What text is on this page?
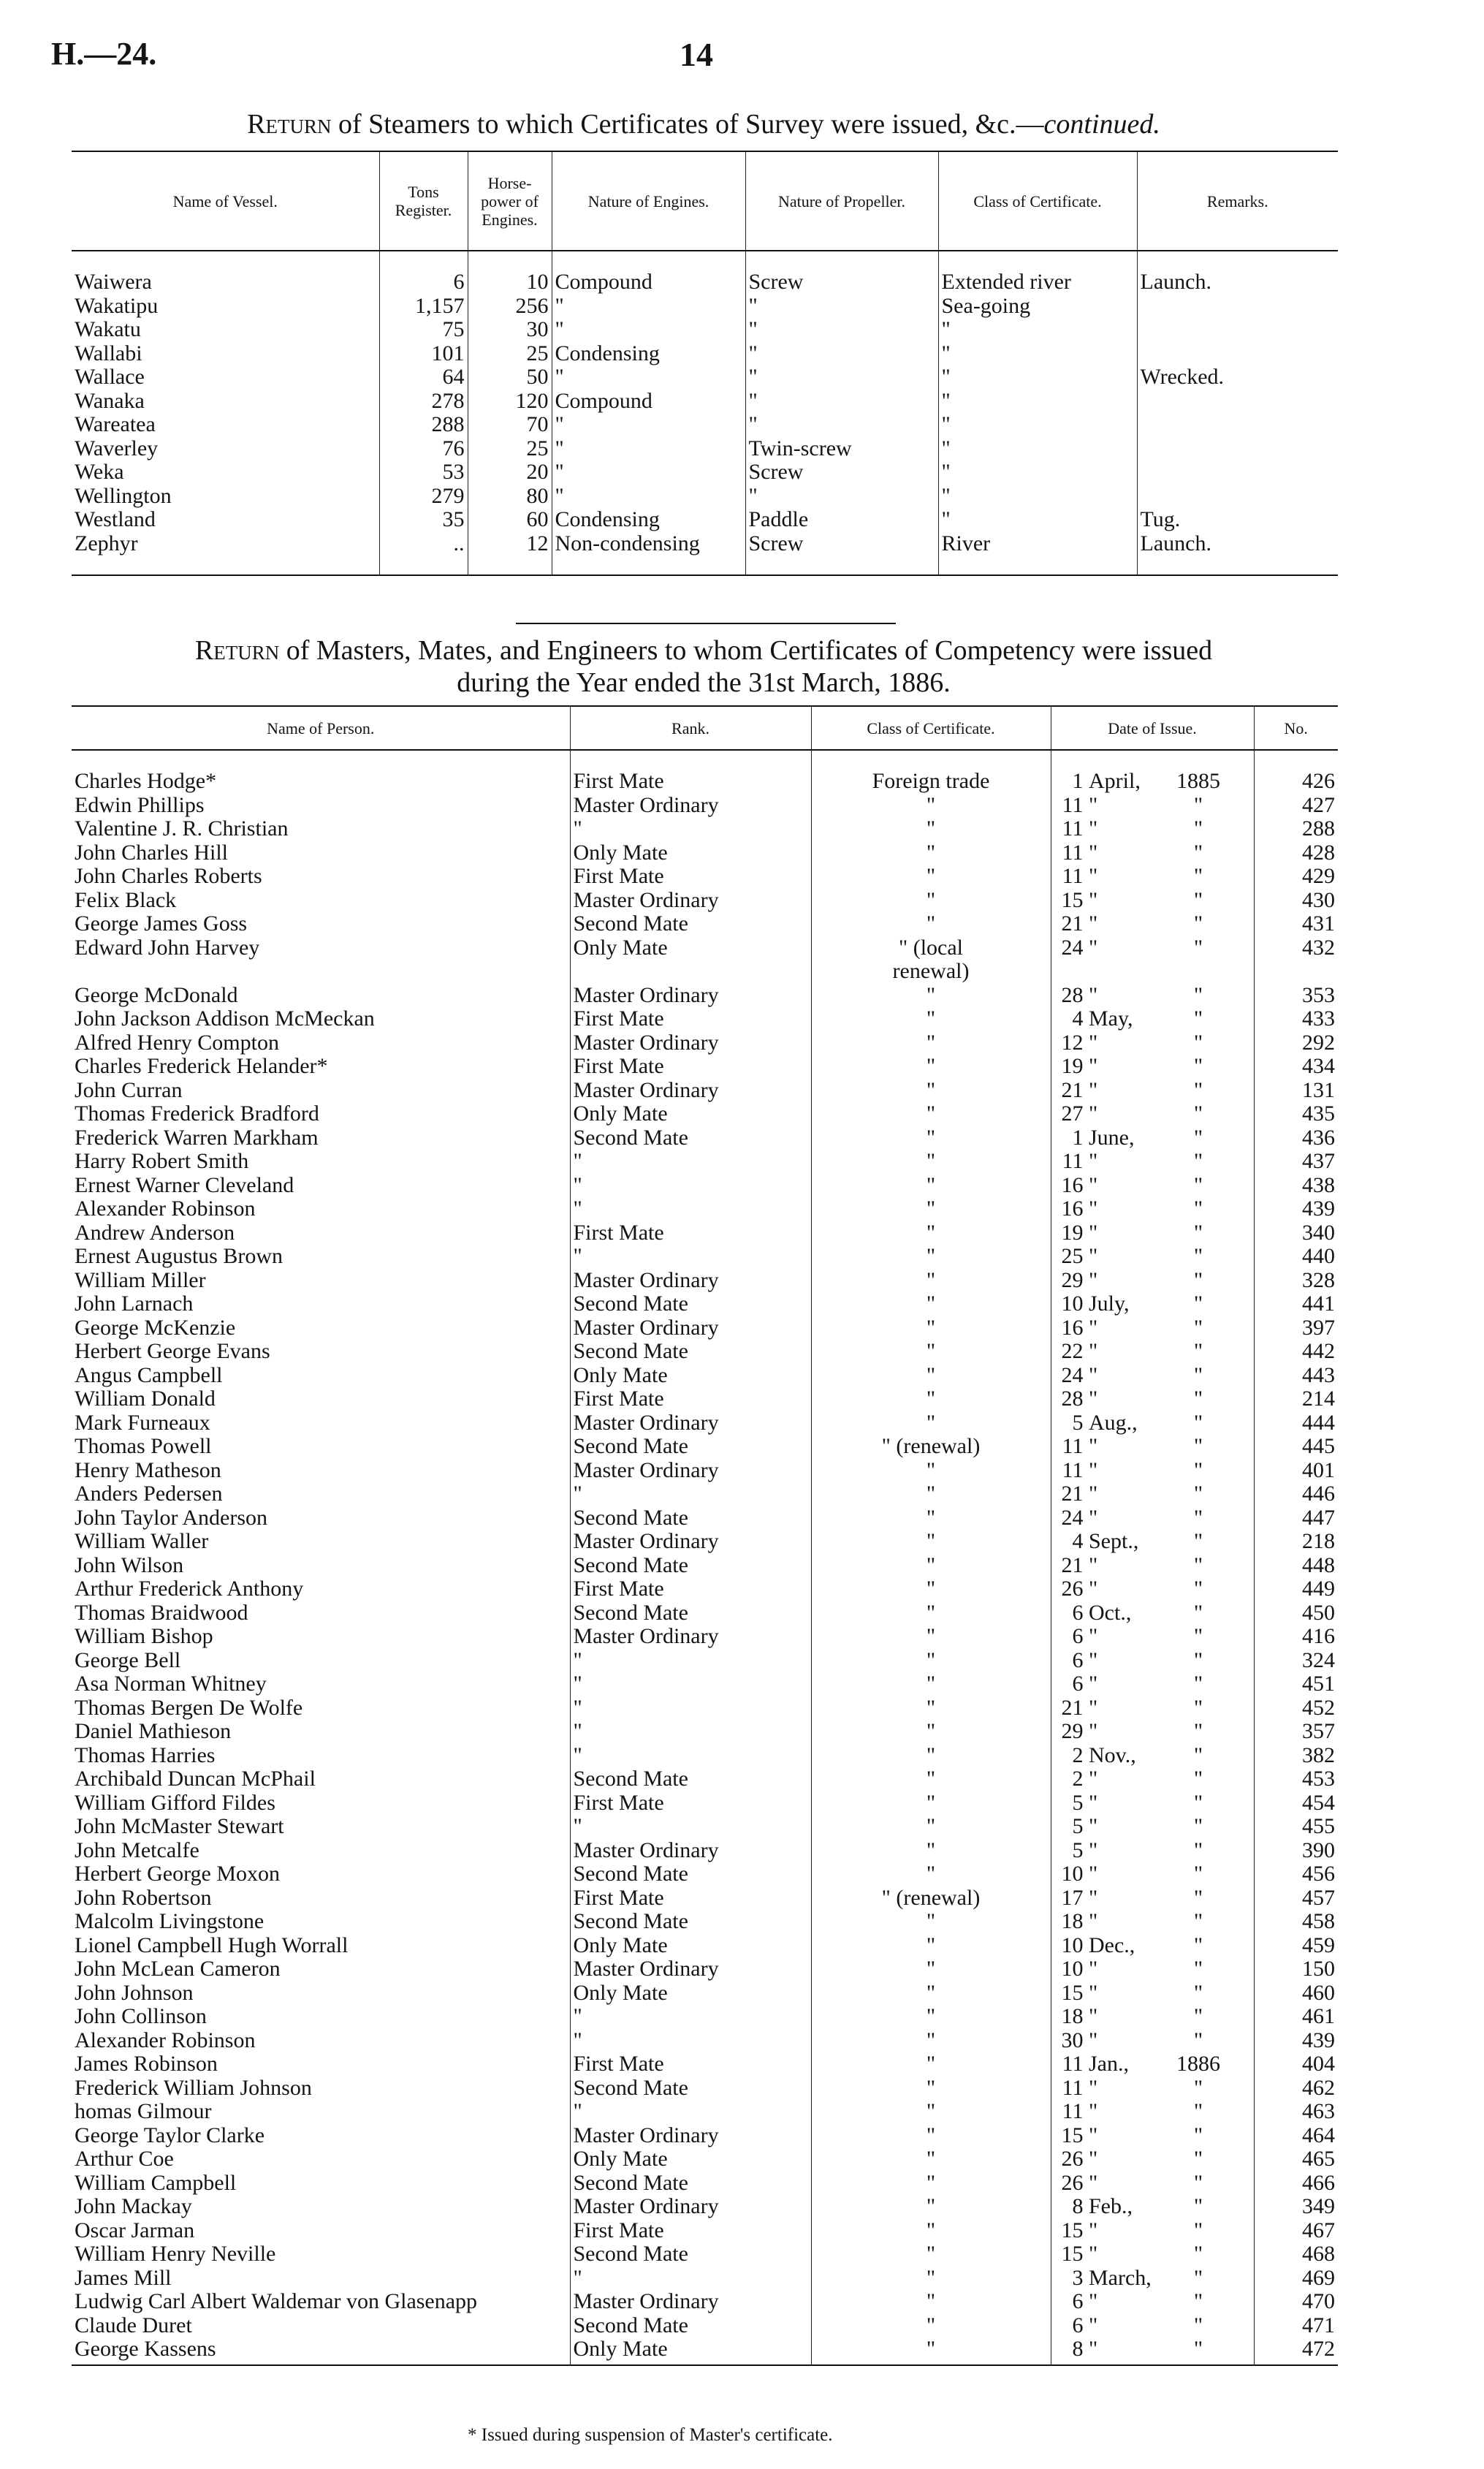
H.—24.	14
Return of Steamers to which Certificates of Survey were issued, &c.—continued.
Name of Vessel.	Tons Register.	Horse-power of Engines.	Nature of Engines.	Nature of Propeller.	Class of Certificate.	Remarks.

Waiwera	6	10	Compound	Screw	Extended river	Launch.
Wakatipu	1,157	256	"	"	Sea-going	
Wakatu	75	30	"	"	"	
Wallabi	101	25	Condensing	"	"	
Wallace	64	50	"	"	"	Wrecked.
Wanaka	278	120	Compound	"	"	
Wareatea	288	70	"	"	"	
Waverley	76	25	"	Twin-screw	"	
Weka	53	20	"	Screw	"	
Wellington	279	80	"	"	"	
Westland	35	60	Condensing	Paddle	"	Tug.
Zephyr	..	12	Non-condensing	Screw	River	Launch.

Return of Masters, Mates, and Engineers to whom Certificates of Competency were issued
during the Year ended the 31st March, 1886.
Name of Person.	Rank.	Class of Certificate.	Date of Issue.	No.

Charles Hodge*	First Mate	Foreign trade	1 April, 1885	426
Edwin Phillips	Master Ordinary	"	11 " "	427
Valentine J. R. Christian	"	"	11 " "	288
John Charles Hill	Only Mate	"	11 " "	428
John Charles Roberts	First Mate	"	11 " "	429
Felix Black	Master Ordinary	"	15 " "	430
George James Goss	Second Mate	"	21 " "	431
Edward John Harvey	Only Mate	" (local	24 " "	432
		renewal)		
George McDonald	Master Ordinary	"	28 " "	353
John Jackson Addison McMeckan	First Mate	"	4 May, "	433
Alfred Henry Compton	Master Ordinary	"	12 " "	292
Charles Frederick Helander*	First Mate	"	19 " "	434
John Curran	Master Ordinary	"	21 " "	131
Thomas Frederick Bradford	Only Mate	"	27 " "	435
Frederick Warren Markham	Second Mate	"	1 June, "	436
Harry Robert Smith	"	"	11 " "	437
Ernest Warner Cleveland	"	"	16 " "	438
Alexander Robinson	"	"	16 " "	439
Andrew Anderson	First Mate	"	19 " "	340
Ernest Augustus Brown	"	"	25 " "	440
William Miller	Master Ordinary	"	29 " "	328
John Larnach	Second Mate	"	10 July, "	441
George McKenzie	Master Ordinary	"	16 " "	397
Herbert George Evans	Second Mate	"	22 " "	442
Angus Campbell	Only Mate	"	24 " "	443
William Donald	First Mate	"	28 " "	214
Mark Furneaux	Master Ordinary	"	5 Aug., "	444
Thomas Powell	Second Mate	" (renewal)	11 " "	445
Henry Matheson	Master Ordinary	"	11 " "	401
Anders Pedersen	"	"	21 " "	446
John Taylor Anderson	Second Mate	"	24 " "	447
William Waller	Master Ordinary	"	4 Sept., "	218
John Wilson	Second Mate	"	21 " "	448
Arthur Frederick Anthony	First Mate	"	26 " "	449
Thomas Braidwood	Second Mate	"	6 Oct., "	450
William Bishop	Master Ordinary	"	6 " "	416
George Bell	"	"	6 " "	324
Asa Norman Whitney	"	"	6 " "	451
Thomas Bergen De Wolfe	"	"	21 " "	452
Daniel Mathieson	"	"	29 " "	357
Thomas Harries	"	"	2 Nov., "	382
Archibald Duncan McPhail	Second Mate	"	2 " "	453
William Gifford Fildes	First Mate	"	5 " "	454
John McMaster Stewart	"	"	5 " "	455
John Metcalfe	Master Ordinary	"	5 " "	390
Herbert George Moxon	Second Mate	"	10 " "	456
John Robertson	First Mate	" (renewal)	17 " "	457
Malcolm Livingstone	Second Mate	"	18 " "	458
Lionel Campbell Hugh Worrall	Only Mate	"	10 Dec., "	459
John McLean Cameron	Master Ordinary	"	10 " "	150
John Johnson	Only Mate	"	15 " "	460
John Collinson	"	"	18 " "	461
Alexander Robinson	"	"	30 " "	439
James Robinson	First Mate	"	11 Jan., 1886	404
Frederick William Johnson	Second Mate	"	11 " "	462
homas Gilmour	"	"	11 " "	463
George Taylor Clarke	Master Ordinary	"	15 " "	464
Arthur Coe	Only Mate	"	26 " "	465
William Campbell	Second Mate	"	26 " "	466
John Mackay	Master Ordinary	"	8 Feb., "	349
Oscar Jarman	First Mate	"	15 " "	467
William Henry Neville	Second Mate	"	15 " "	468
James Mill	"	"	3 March, "	469
Ludwig Carl Albert Waldemar von Glasenapp	Master Ordinary	"	6 " "	470
Claude Duret	Second Mate	"	6 " "	471
George Kassens	Only Mate	"	8 " "	472

* Issued during suspension of Master's certificate.
